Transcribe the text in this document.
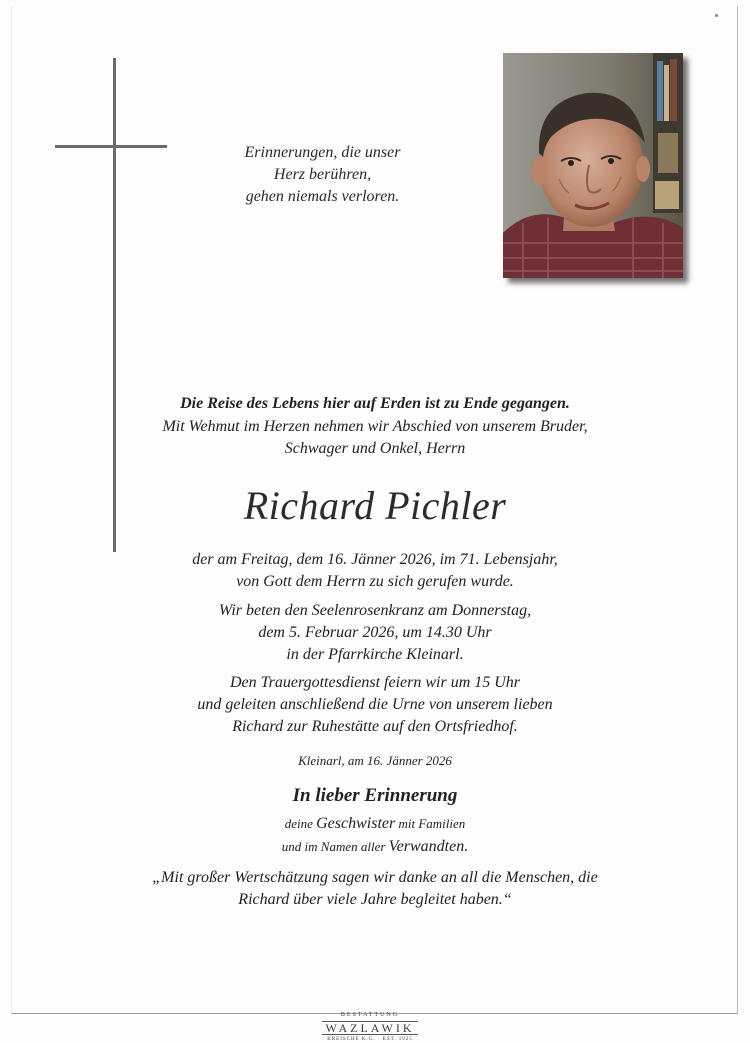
Erinnerungen, die unser
Herz berühren,
gehen niemals verloren.
Die Reise des Lebens hier auf Erden ist zu Ende gegangen.
Mit Wehmut im Herzen nehmen wir Abschied von unserem Bruder,
Schwager und Onkel, Herrn
Richard Pichler
der am Freitag, dem 16. Jänner 2026, im 71. Lebensjahr,
von Gott dem Herrn zu sich gerufen wurde.
Wir beten den Seelenrosenkranz am Donnerstag,
dem 5. Februar 2026, um 14.30 Uhr
in der Pfarrkirche Kleinarl.
Den Trauergottesdienst feiern wir um 15 Uhr
und geleiten anschließend die Urne von unserem lieben
Richard zur Ruhestätte auf den Ortsfriedhof.
Kleinarl, am 16. Jänner 2026
In lieber Erinnerung
deine Geschwister mit Familien
und im Namen aller Verwandten.
„Mit großer Wertschätzung sagen wir danke an all die Menschen, die
Richard über viele Jahre begleitet haben.“
BESTATTUNG
WAZLAWIK
KREISCHE K.G. · EST. 1925
